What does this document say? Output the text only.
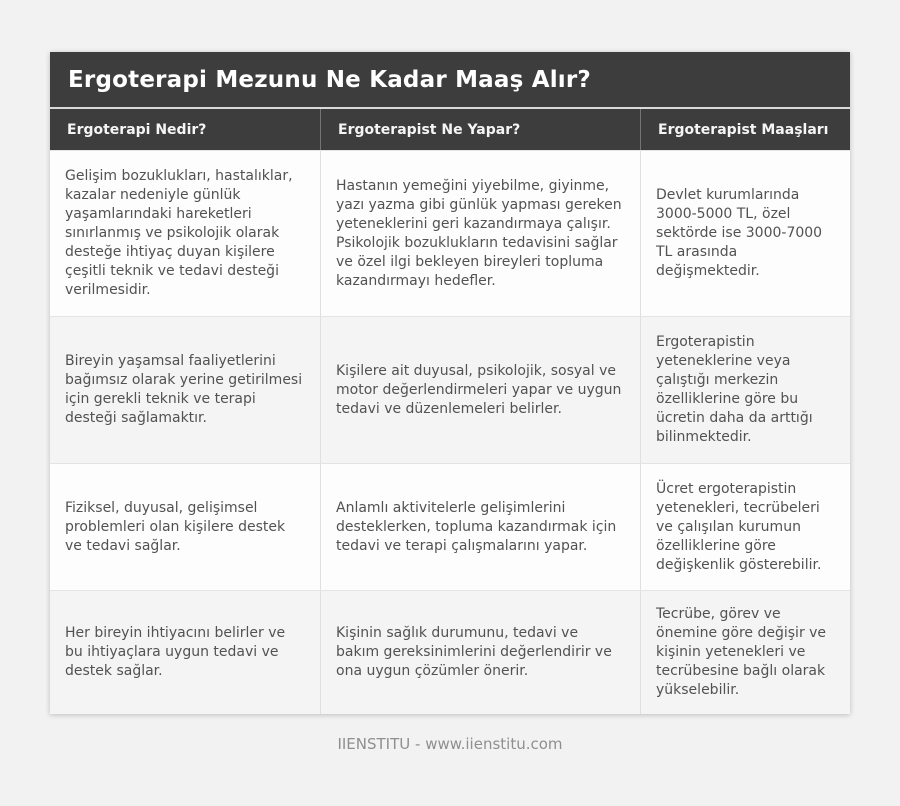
Ergoterapi Mezunu Ne Kadar Maaş Alır?
Ergoterapi Nedir?	Ergoterapist Ne Yapar?	Ergoterapist Maaşları
Gelişim bozuklukları, hastalıklar, kazalar nedeniyle günlük yaşamlarındaki hareketleri sınırlanmış ve psikolojik olarak desteğe ihtiyaç duyan kişilere çeşitli teknik ve tedavi desteği verilmesidir.
Hastanın yemeğini yiyebilme, giyinme, yazı yazma gibi günlük yapması gereken yeteneklerini geri kazandırmaya çalışır. Psikolojik bozuklukların tedavisini sağlar ve özel ilgi bekleyen bireyleri topluma kazandırmayı hedefler.
Devlet kurumlarında 3000-5000 TL, özel sektörde ise 3000-7000 TL arasında değişmektedir.
Bireyin yaşamsal faaliyetlerini bağımsız olarak yerine getirilmesi için gerekli teknik ve terapi desteği sağlamaktır.
Kişilere ait duyusal, psikolojik, sosyal ve motor değerlendirmeleri yapar ve uygun tedavi ve düzenlemeleri belirler.
Ergoterapistin yeteneklerine veya çalıştığı merkezin özelliklerine göre bu ücretin daha da arttığı bilinmektedir.
Fiziksel, duyusal, gelişimsel problemleri olan kişilere destek ve tedavi sağlar.
Anlamlı aktivitelerle gelişimlerini desteklerken, topluma kazandırmak için tedavi ve terapi çalışmalarını yapar.
Ücret ergoterapistin yetenekleri, tecrübeleri ve çalışılan kurumun özelliklerine göre değişkenlik gösterebilir.
Her bireyin ihtiyacını belirler ve bu ihtiyaçlara uygun tedavi ve destek sağlar.
Kişinin sağlık durumunu, tedavi ve bakım gereksinimlerini değerlendirir ve ona uygun çözümler önerir.
Tecrübe, görev ve önemine göre değişir ve kişinin yetenekleri ve tecrübesine bağlı olarak yükselebilir.
IIENSTITU - www.iienstitu.com
